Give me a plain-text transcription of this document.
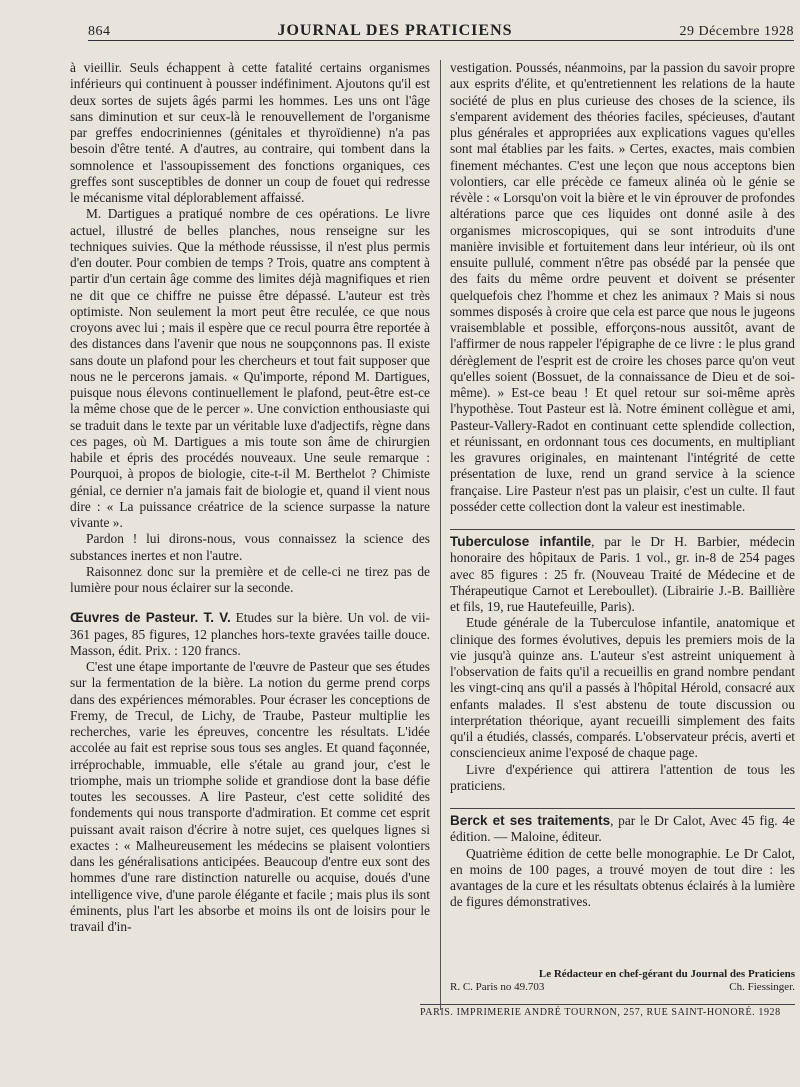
864	JOURNAL DES PRATICIENS	29 Décembre 1928

à vieillir. Seuls échappent à cette fatalité certains organismes inférieurs qui continuent à pousser indéfiniment. Ajoutons qu'il est deux sortes de sujets âgés parmi les hommes. Les uns ont l'âge sans diminution et sur ceux-là le renouvellement de l'organisme par greffes endocriniennes (génitales et thyroïdienne) n'a pas besoin d'être tenté. A d'autres, au contraire, qui tombent dans la somnolence et l'assoupissement des fonctions organiques, ces greffes sont susceptibles de donner un coup de fouet qui redresse le mécanisme vital déplorablement affaissé.

M. Dartigues a pratiqué nombre de ces opérations. Le livre actuel, illustré de belles planches, nous renseigne sur les techniques suivies. Que la méthode réussisse, il n'est plus permis d'en douter. Pour combien de temps ? Trois, quatre ans comptent à partir d'un certain âge comme des limites déjà magnifiques et rien ne dit que ce chiffre ne puisse être dépassé. L'auteur est très optimiste. Non seulement la mort peut être reculée, ce que nous croyons avec lui ; mais il espère que ce recul pourra être reportée à des distances dans l'avenir que nous ne soupçonnons pas. Il existe sans doute un plafond pour les chercheurs et tout fait supposer que nous ne le percerons jamais. « Qu'importe, répond M. Dartigues, puisque nous élevons continuellement le plafond, peut-être est-ce la même chose que de le percer ». Une conviction enthousiaste qui se traduit dans le texte par un véritable luxe d'adjectifs, règne dans ces pages, où M. Dartigues a mis toute son âme de chirurgien habile et épris des procédés nouveaux. Une seule remarque : Pourquoi, à propos de biologie, cite-t-il M. Berthelot ? Chimiste génial, ce dernier n'a jamais fait de biologie et, quand il vient nous dire : « La puissance créatrice de la science surpasse la nature vivante ».

Pardon ! lui dirons-nous, vous connaissez la science des substances inertes et non l'autre.

Raisonnez donc sur la première et de celle-ci ne tirez pas de lumière pour nous éclairer sur la seconde.

Œuvres de Pasteur. T. V. Etudes sur la bière. Un vol. de vii-361 pages, 85 figures, 12 planches hors-texte gravées taille douce. Masson, édit. Prix. : 120 francs.

C'est une étape importante de l'œuvre de Pasteur que ses études sur la fermentation de la bière. La notion du germe prend corps dans des expériences mémorables. Pour écraser les conceptions de Fremy, de Trecul, de Lichy, de Traube, Pasteur multiplie les recherches, varie les épreuves, concentre les résultats. L'idée accolée au fait est reprise sous tous ses angles. Et quand façonnée, irréprochable, immuable, elle s'étale au grand jour, c'est le triomphe, mais un triomphe solide et grandiose dont la base défie toutes les secousses. A lire Pasteur, c'est cette solidité des fondements qui nous transporte d'admiration. Et comme cet esprit puissant avait raison d'écrire à notre sujet, ces quelques lignes si exactes : « Malheureusement les médecins se plaisent volontiers dans les généralisations anticipées. Beaucoup d'entre eux sont des hommes d'une rare distinction naturelle ou acquise, doués d'une intelligence vive, d'une parole élégante et facile ; mais plus ils sont éminents, plus l'art les absorbe et moins ils ont de loisirs pour le travail d'in-

vestigation. Poussés, néanmoins, par la passion du savoir propre aux esprits d'élite, et qu'entretiennent les relations de la haute société de plus en plus curieuse des choses de la science, ils s'emparent avidement des théories faciles, spécieuses, d'autant plus générales et appropriées aux explications vagues qu'elles sont mal établies par les faits. » Certes, exactes, mais combien finement méchantes. C'est une leçon que nous acceptons bien volontiers, car elle précède ce fameux alinéa où le génie se révèle : « Lorsqu'on voit la bière et le vin éprouver de profondes altérations parce que ces liquides ont donné asile à des organismes microscopiques, qui se sont introduits d'une manière invisible et fortuitement dans leur intérieur, où ils ont ensuite pullulé, comment n'être pas obsédé par la pensée que des faits du même ordre peuvent et doivent se présenter quelquefois chez l'homme et chez les animaux ? Mais si nous sommes disposés à croire que cela est parce que nous le jugeons vraisemblable et possible, efforçons-nous aussitôt, avant de l'affirmer de nous rappeler l'épigraphe de ce livre : le plus grand dérèglement de l'esprit est de croire les choses parce qu'on veut qu'elles soient (Bossuet, de la connaissance de Dieu et de soi-même). » Est-ce beau ! Et quel retour sur soi-même après l'hypothèse. Tout Pasteur est là. Notre éminent collègue et ami, Pasteur-Vallery-Radot en continuant cette splendide collection, et réunissant, en ordonnant tous ces documents, en multipliant les gravures originales, en maintenant l'intégrité de cette présentation de luxe, rend un grand service à la science française. Lire Pasteur n'est pas un plaisir, c'est un culte. Il faut posséder cette collection dont la valeur est inestimable.

Tuberculose infantile, par le Dr H. Barbier, médecin honoraire des hôpitaux de Paris. 1 vol., gr. in-8 de 254 pages avec 85 figures : 25 fr. (Nouveau Traité de Médecine et de Thérapeutique Carnot et Lereboullet). (Librairie J.-B. Baillière et fils, 19, rue Hautefeuille, Paris).

Etude générale de la Tuberculose infantile, anatomique et clinique des formes évolutives, depuis les premiers mois de la vie jusqu'à quinze ans. L'auteur s'est astreint uniquement à l'observation de faits qu'il a recueillis en grand nombre pendant les vingt-cinq ans qu'il a passés à l'hôpital Hérold, consacré aux enfants malades. Il s'est abstenu de toute discussion ou interprétation théorique, ayant recueilli simplement des faits qu'il a étudiés, classés, comparés. L'observateur précis, averti et consciencieux anime l'exposé de chaque page.

Livre d'expérience qui attirera l'attention de tous les praticiens.

Berck et ses traitements, par le Dr Calot, Avec 45 fig. 4e édition. — Maloine, éditeur.

Quatrième édition de cette belle monographie. Le Dr Calot, en moins de 100 pages, a trouvé moyen de tout dire : les avantages de la cure et les résultats obtenus éclairés à la lumière de figures démonstratives.

Le Rédacteur en chef-gérant du Journal des Praticiens
R. C. Paris no 49.703	Ch. Fiessinger.
PARIS. IMPRIMERIE ANDRÉ TOURNON, 257, RUE SAINT-HONORÉ. 1928
